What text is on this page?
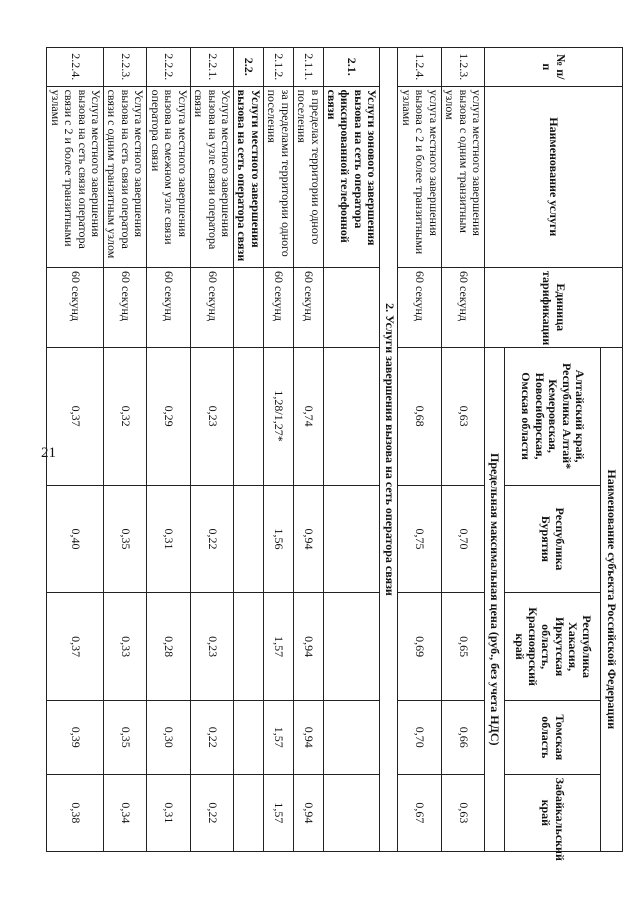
21
№ п/п	Наименование услуги	Единица тарификации	Наименование субъекта Российской Федерации				
			Алтайский край, Республика Алтай* Кемеровская, Новосибирская, Омская области	Республика Бурятия	Республика Хакасия, Иркутская область, Красноярский край	Томская область	Забайкальский край
			Предельная максимальная цена (руб., без учета НДС)				
1.2.3.	услуга местного завершения вызова с одним транзитным узлом	60 секунд	0,63	0,70	0,65	0,66	0,63
1.2.4.	услуга местного завершения вызова с 2 и более транзитными узлами	60 секунд	0,68	0,75	0,69	0,70	0,67
2. Услуги завершения вызова на сеть оператора связи							
2.1.	Услуги зонового завершения вызова на сеть оператора фиксированной телефонной связи						
2.1.1.	в пределах территории одного поселения	60 секунд	0,74	0,94	0,94	0,94	0,94
2.1.2.	за пределами территории одного поселения	60 секунд	1,28/1,27*	1,56	1,57	1,57	1,57
2.2.	Услуги местного завершения вызова на сеть оператора связи						
2.2.1.	Услуга местного завершения вызова на узле связи оператора связи	60 секунд	0,23	0,22	0,23	0,22	0,22
2.2.2.	Услуга местного завершения вызова на смежном узле связи оператора связи	60 секунд	0,29	0,31	0,28	0,30	0,31
2.2.3.	Услуга местного завершения вызова на сеть связи оператора связи с одним транзитным узлом	60 секунд	0,32	0,35	0,33	0,35	0,34
2.2.4.	Услуга местного завершения вызова на сеть связи оператора связи с 2 и более транзитными узлами	60 секунд	0,37	0,40	0,37	0,39	0,38
